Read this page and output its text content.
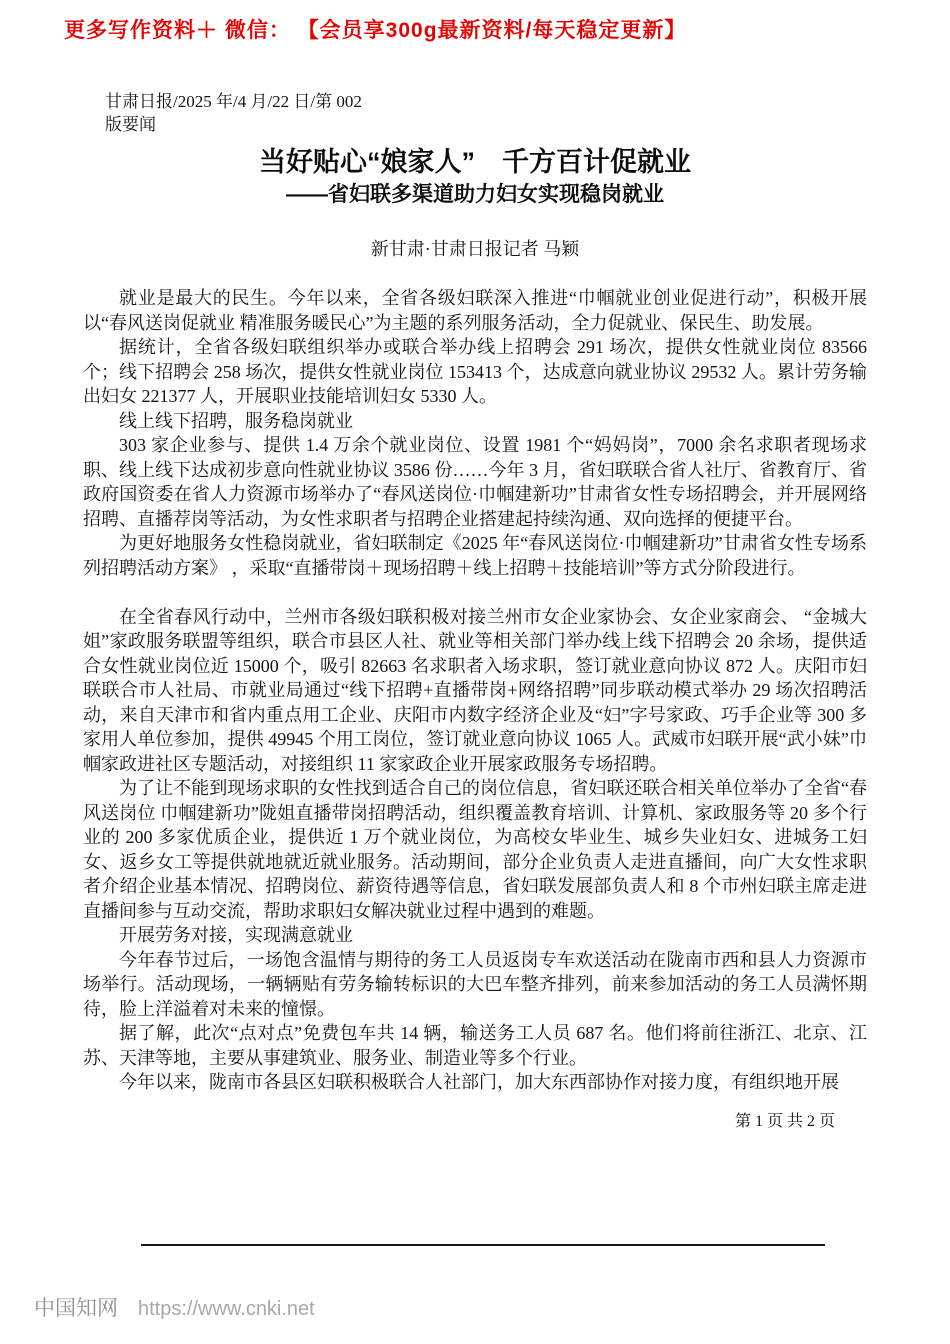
更多写作资料＋ 微信： 【会员享300g最新资料/每天稳定更新】
甘肃日报/2025 年/4 月/22 日/第 002
版要闻
当好贴心“娘家人”　千方百计促就业
——省妇联多渠道助力妇女实现稳岗就业
新甘肃·甘肃日报记者 马颖

就业是最大的民生。今年以来，全省各级妇联深入推进“巾帼就业创业促进行动”，积极开展以“春风送岗促就业 精准服务暖民心”为主题的系列服务活动，全力促就业、保民生、助发展。

据统计，全省各级妇联组织举办或联合举办线上招聘会 291 场次，提供女性就业岗位 83566 个；线下招聘会 258 场次，提供女性就业岗位 153413 个，达成意向就业协议 29532 人。累计劳务输出妇女 221377 人，开展职业技能培训妇女 5330 人。

线上线下招聘，服务稳岗就业

303 家企业参与、提供 1.4 万余个就业岗位、设置 1981 个“妈妈岗”，7000 余名求职者现场求职、线上线下达成初步意向性就业协议 3586 份……今年 3 月，省妇联联合省人社厅、省教育厅、省政府国资委在省人力资源市场举办了“春风送岗位·巾帼建新功”甘肃省女性专场招聘会，并开展网络招聘、直播荐岗等活动，为女性求职者与招聘企业搭建起持续沟通、双向选择的便捷平台。

为更好地服务女性稳岗就业，省妇联制定《2025 年“春风送岗位·巾帼建新功”甘肃省女性专场系列招聘活动方案》 ，采取“直播带岗＋现场招聘＋线上招聘＋技能培训”等方式分阶段进行。

在全省春风行动中，兰州市各级妇联积极对接兰州市女企业家协会、女企业家商会、 “金城大姐”家政服务联盟等组织，联合市县区人社、就业等相关部门举办线上线下招聘会 20 余场，提供适合女性就业岗位近 15000 个，吸引 82663 名求职者入场求职，签订就业意向协议 872 人。庆阳市妇联联合市人社局、市就业局通过“线下招聘+直播带岗+网络招聘”同步联动模式举办 29 场次招聘活动，来自天津市和省内重点用工企业、庆阳市内数字经济企业及“妇”字号家政、巧手企业等 300 多家用人单位参加，提供 49945 个用工岗位，签订就业意向协议 1065 人。武威市妇联开展“武小妹”巾帼家政进社区专题活动，对接组织 11 家家政企业开展家政服务专场招聘。

为了让不能到现场求职的女性找到适合自己的岗位信息，省妇联还联合相关单位举办了全省“春风送岗位 巾帼建新功”陇姐直播带岗招聘活动，组织覆盖教育培训、计算机、家政服务等 20 多个行业的 200 多家优质企业，提供近 1 万个就业岗位，为高校女毕业生、城乡失业妇女、进城务工妇女、返乡女工等提供就地就近就业服务。活动期间，部分企业负责人走进直播间，向广大女性求职者介绍企业基本情况、招聘岗位、薪资待遇等信息，省妇联发展部负责人和 8 个市州妇联主席走进直播间参与互动交流，帮助求职妇女解决就业过程中遇到的难题。

开展劳务对接，实现满意就业

今年春节过后，一场饱含温情与期待的务工人员返岗专车欢送活动在陇南市西和县人力资源市场举行。活动现场，一辆辆贴有劳务输转标识的大巴车整齐排列，前来参加活动的务工人员满怀期待，脸上洋溢着对未来的憧憬。

据了解，此次“点对点”免费包车共 14 辆，输送务工人员 687 名。他们将前往浙江、北京、江苏、天津等地，主要从事建筑业、服务业、制造业等多个行业。

今年以来，陇南市各县区妇联积极联合人社部门，加大东西部协作对接力度，有组织地开展

第 1 页 共 2 页
中国知网 https://www.cnki.net
